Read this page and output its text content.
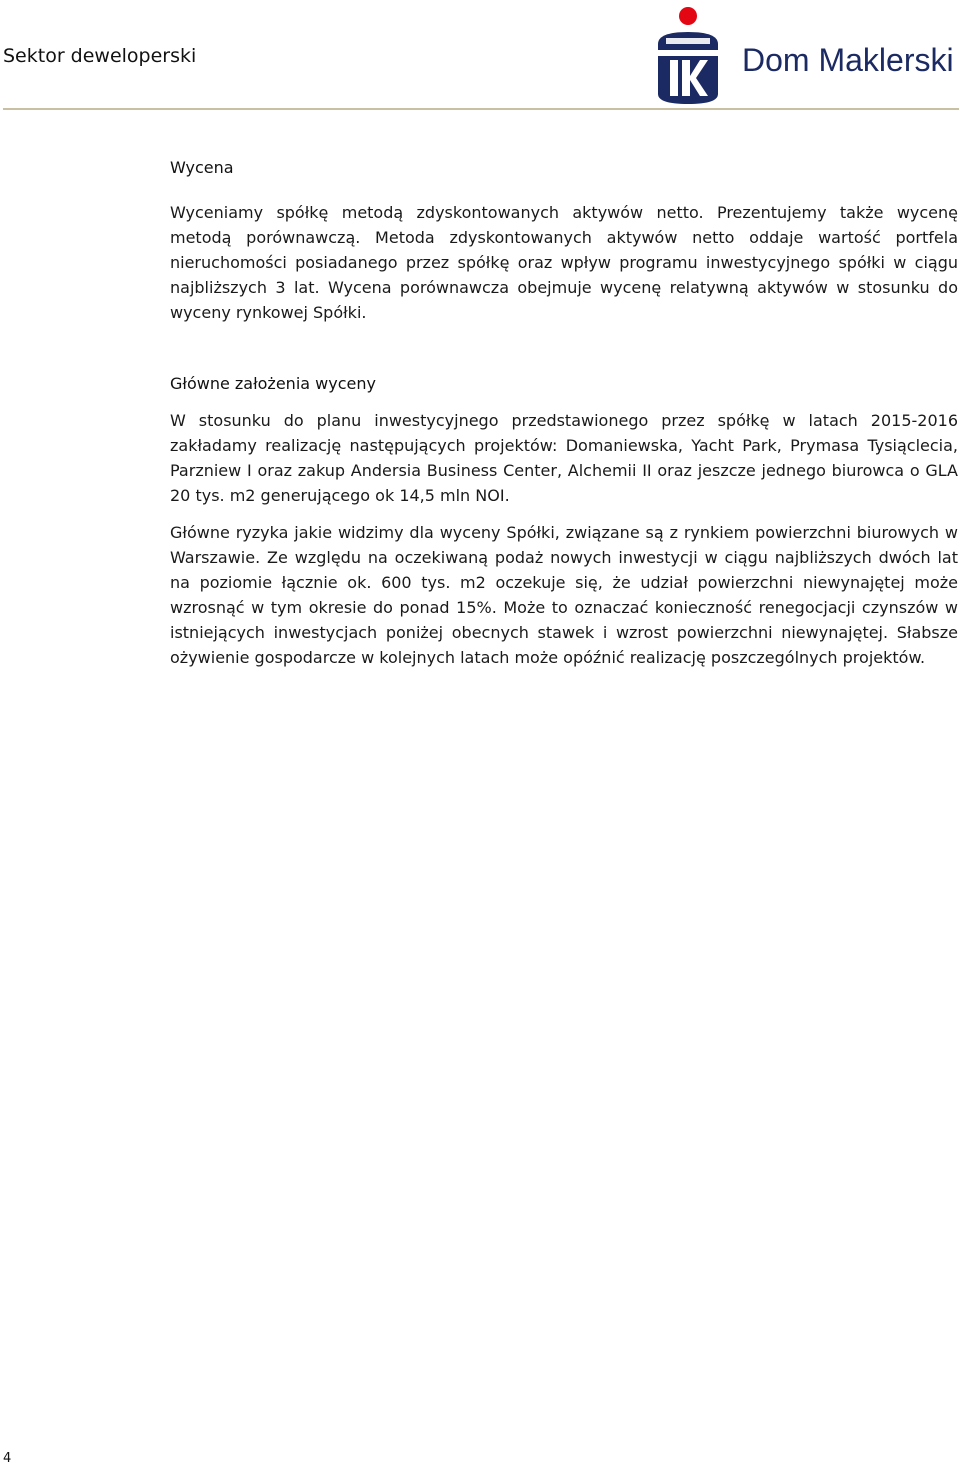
Sektor deweloperski	Dom Maklerski
Wycena
Wyceniamy spółkę metodą zdyskontowanych aktywów netto. Prezentujemy także wycenę metodą porównawczą. Metoda zdyskontowanych aktywów netto oddaje wartość portfela nieruchomości posiadanego przez spółkę oraz wpływ programu inwestycyjnego spółki w ciągu najbliższych 3 lat. Wycena porównawcza obejmuje wycenę relatywną aktywów w stosunku do wyceny rynkowej Spółki.
Główne założenia wyceny
W stosunku do planu inwestycyjnego przedstawionego przez spółkę w latach 2015-2016 zakładamy realizację następujących projektów: Domaniewska, Yacht Park, Prymasa Tysiąclecia, Parzniew I oraz zakup Andersia Business Center, Alchemii II oraz jeszcze jednego biurowca o GLA 20 tys. m2 generującego ok 14,5 mln NOI.
Główne ryzyka jakie widzimy dla wyceny Spółki, związane są z rynkiem powierzchni biurowych w Warszawie. Ze względu na oczekiwaną podaż nowych inwestycji w ciągu najbliższych dwóch lat na poziomie łącznie ok. 600 tys. m2 oczekuje się, że udział powierzchni niewynajętej może wzrosnąć w tym okresie do ponad 15%. Może to oznaczać konieczność renegocjacji czynszów w istniejących inwestycjach poniżej obecnych stawek i wzrost powierzchni niewynajętej. Słabsze ożywienie gospodarcze w kolejnych latach może opóźnić realizację poszczególnych projektów.
4
